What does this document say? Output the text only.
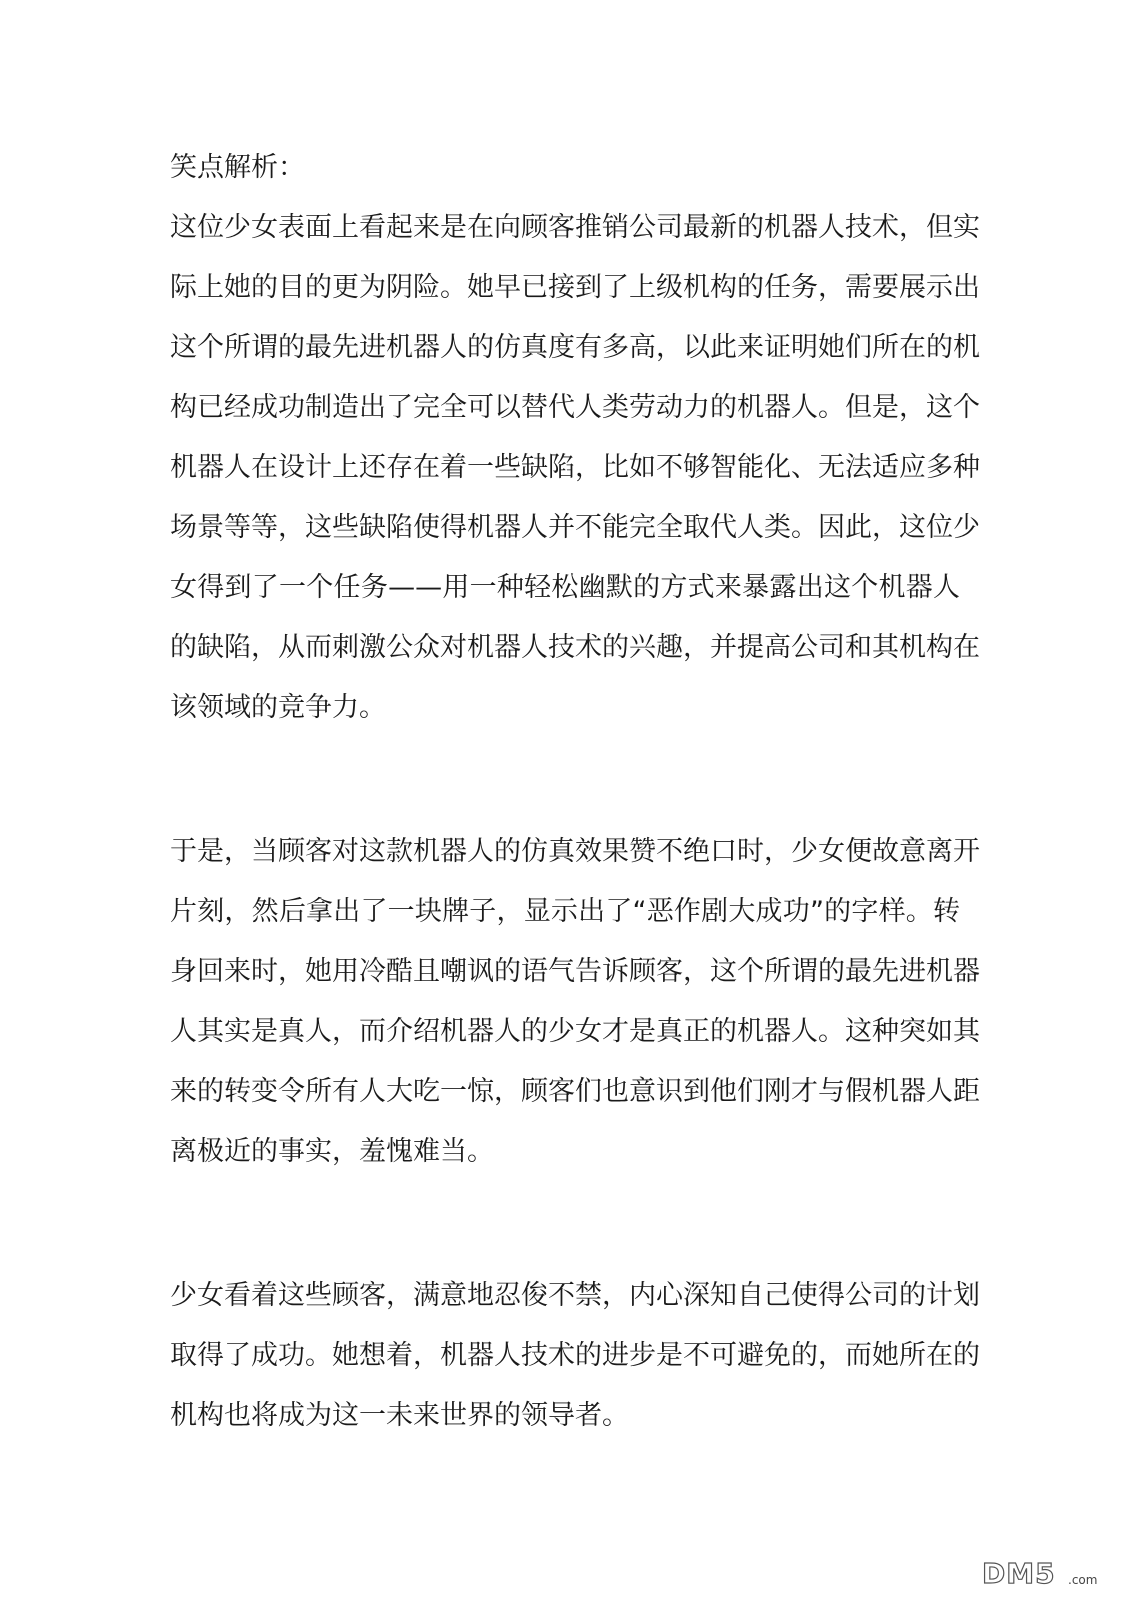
笑点解析：
这位少女表面上看起来是在向顾客推销公司最新的机器人技术，但实
际上她的目的更为阴险。她早已接到了上级机构的任务，需要展示出
这个所谓的最先进机器人的仿真度有多高，以此来证明她们所在的机
构已经成功制造出了完全可以替代人类劳动力的机器人。但是，这个
机器人在设计上还存在着一些缺陷，比如不够智能化、无法适应多种
场景等等，这些缺陷使得机器人并不能完全取代人类。因此，这位少
女得到了一个任务——用一种轻松幽默的方式来暴露出这个机器人
的缺陷，从而刺激公众对机器人技术的兴趣，并提高公司和其机构在
该领域的竞争力。
于是，当顾客对这款机器人的仿真效果赞不绝口时，少女便故意离开
片刻，然后拿出了一块牌子，显示出了“恶作剧大成功”的字样。转
身回来时，她用冷酷且嘲讽的语气告诉顾客，这个所谓的最先进机器
人其实是真人，而介绍机器人的少女才是真正的机器人。这种突如其
来的转变令所有人大吃一惊，顾客们也意识到他们刚才与假机器人距
离极近的事实，羞愧难当。
少女看着这些顾客，满意地忍俊不禁，内心深知自己使得公司的计划
取得了成功。她想着，机器人技术的进步是不可避免的，而她所在的
机构也将成为这一未来世界的领导者。
DM5 .com
